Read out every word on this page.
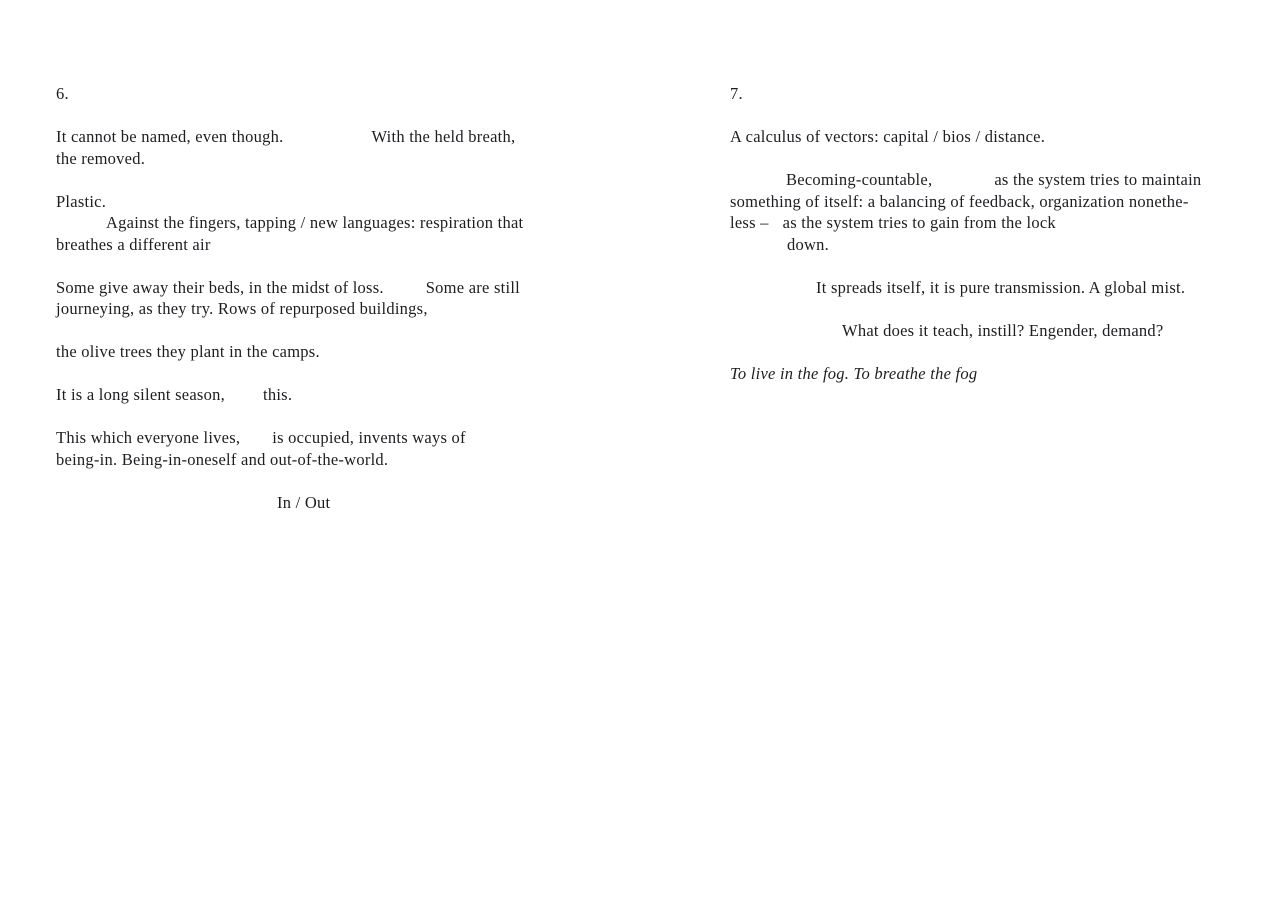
6.
It cannot be named, even though.	With the held breath,
the removed.
Plastic.
Against the fingers, tapping / new languages: respiration that
breathes a different air
Some give away their beds, in the midst of loss.	Some are still
journeying, as they try. Rows of repurposed buildings,
the olive trees they plant in the camps.
It is a long silent season, this.
This which everyone lives, is occupied, invents ways of
being-in. Being-in-oneself and out-of-the-world.
In / Out
7.
A calculus of vectors: capital / bios / distance.
Becoming-countable,	as the system tries to maintain
something of itself: a balancing of feedback, organization nonethe-
less – as the system tries to gain from the lock
down.
It spreads itself, it is pure transmission. A global mist.
What does it teach, instill? Engender, demand?
To live in the fog. To breathe the fog
